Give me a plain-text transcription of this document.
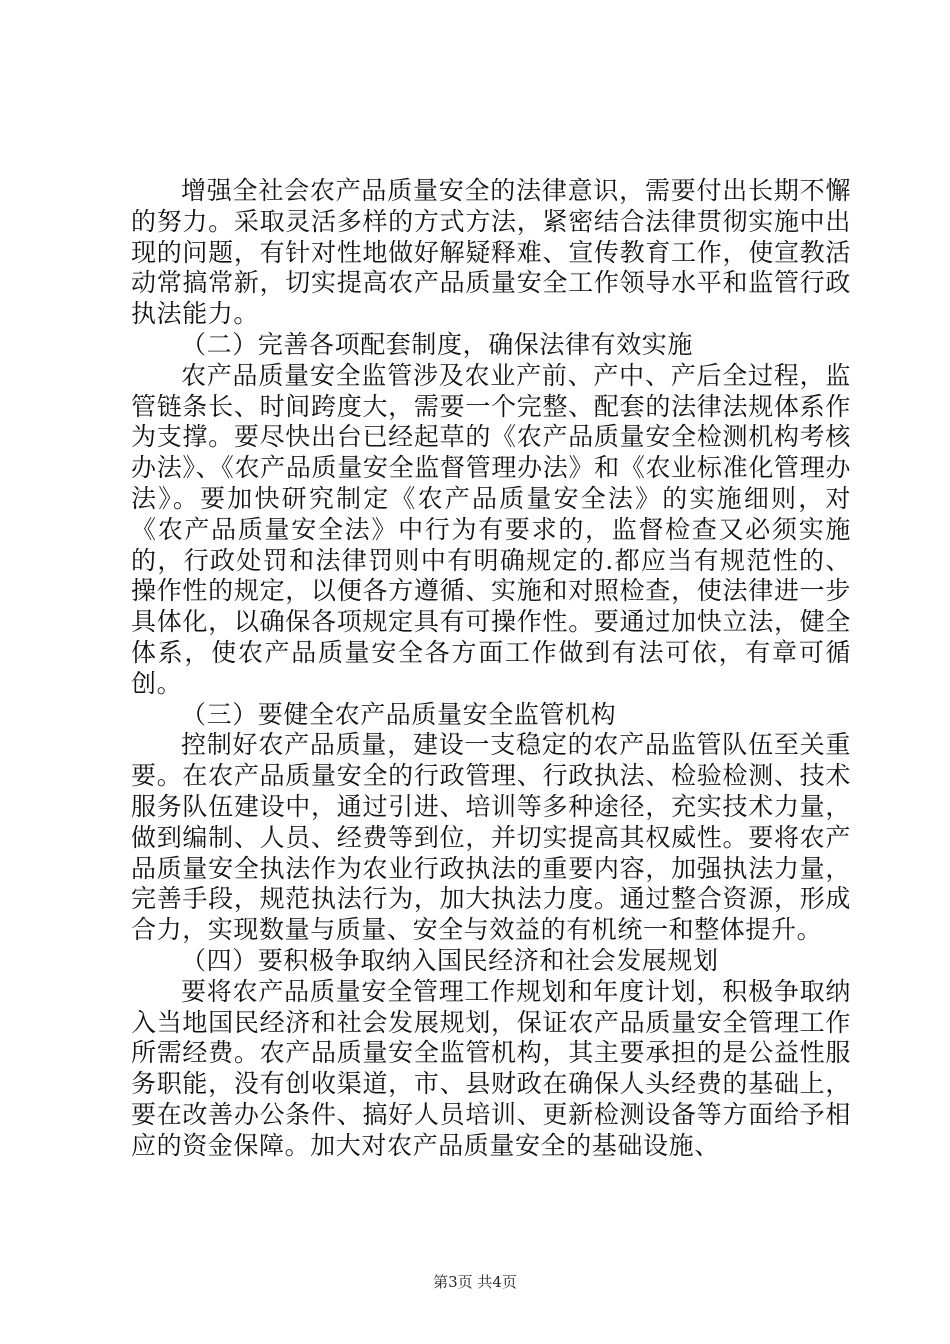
增强全社会农产品质量安全的法律意识，需要付出长期不懈的努力。采取灵活多样的方式方法，紧密结合法律贯彻实施中出现的问题，有针对性地做好解疑释难、宣传教育工作，使宣教活动常搞常新，切实提高农产品质量安全工作领导水平和监管行政执法能力。

（二）完善各项配套制度，确保法律有效实施

农产品质量安全监管涉及农业产前、产中、产后全过程，监管链条长、时间跨度大，需要一个完整、配套的法律法规体系作为支撑。要尽快出台已经起草的《农产品质量安全检测机构考核办法》、《农产品质量安全监督管理办法》和《农业标准化管理办法》。要加快研究制定《农产品质量安全法》的实施细则，对《农产品质量安全法》中行为有要求的，监督检查又必须实施的，行政处罚和法律罚则中有明确规定的.都应当有规范性的、操作性的规定，以便各方遵循、实施和对照检查，使法律进一步具体化，以确保各项规定具有可操作性。要通过加快立法，健全体系，使农产品质量安全各方面工作做到有法可依，有章可循创。

（三）要健全农产品质量安全监管机构

控制好农产品质量，建设一支稳定的农产品监管队伍至关重要。在农产品质量安全的行政管理、行政执法、检验检测、技术服务队伍建设中，通过引进、培训等多种途径，充实技术力量，做到编制、人员、经费等到位，并切实提高其权威性。要将农产品质量安全执法作为农业行政执法的重要内容，加强执法力量，完善手段，规范执法行为，加大执法力度。通过整合资源，形成合力，实现数量与质量、安全与效益的有机统一和整体提升。

（四）要积极争取纳入国民经济和社会发展规划

要将农产品质量安全管理工作规划和年度计划，积极争取纳入当地国民经济和社会发展规划，保证农产品质量安全管理工作所需经费。农产品质量安全监管机构，其主要承担的是公益性服务职能，没有创收渠道，市、县财政在确保人头经费的基础上，要在改善办公条件、搞好人员培训、更新检测设备等方面给予相应的资金保障。加大对农产品质量安全的基础设施、

第3页 共4页
